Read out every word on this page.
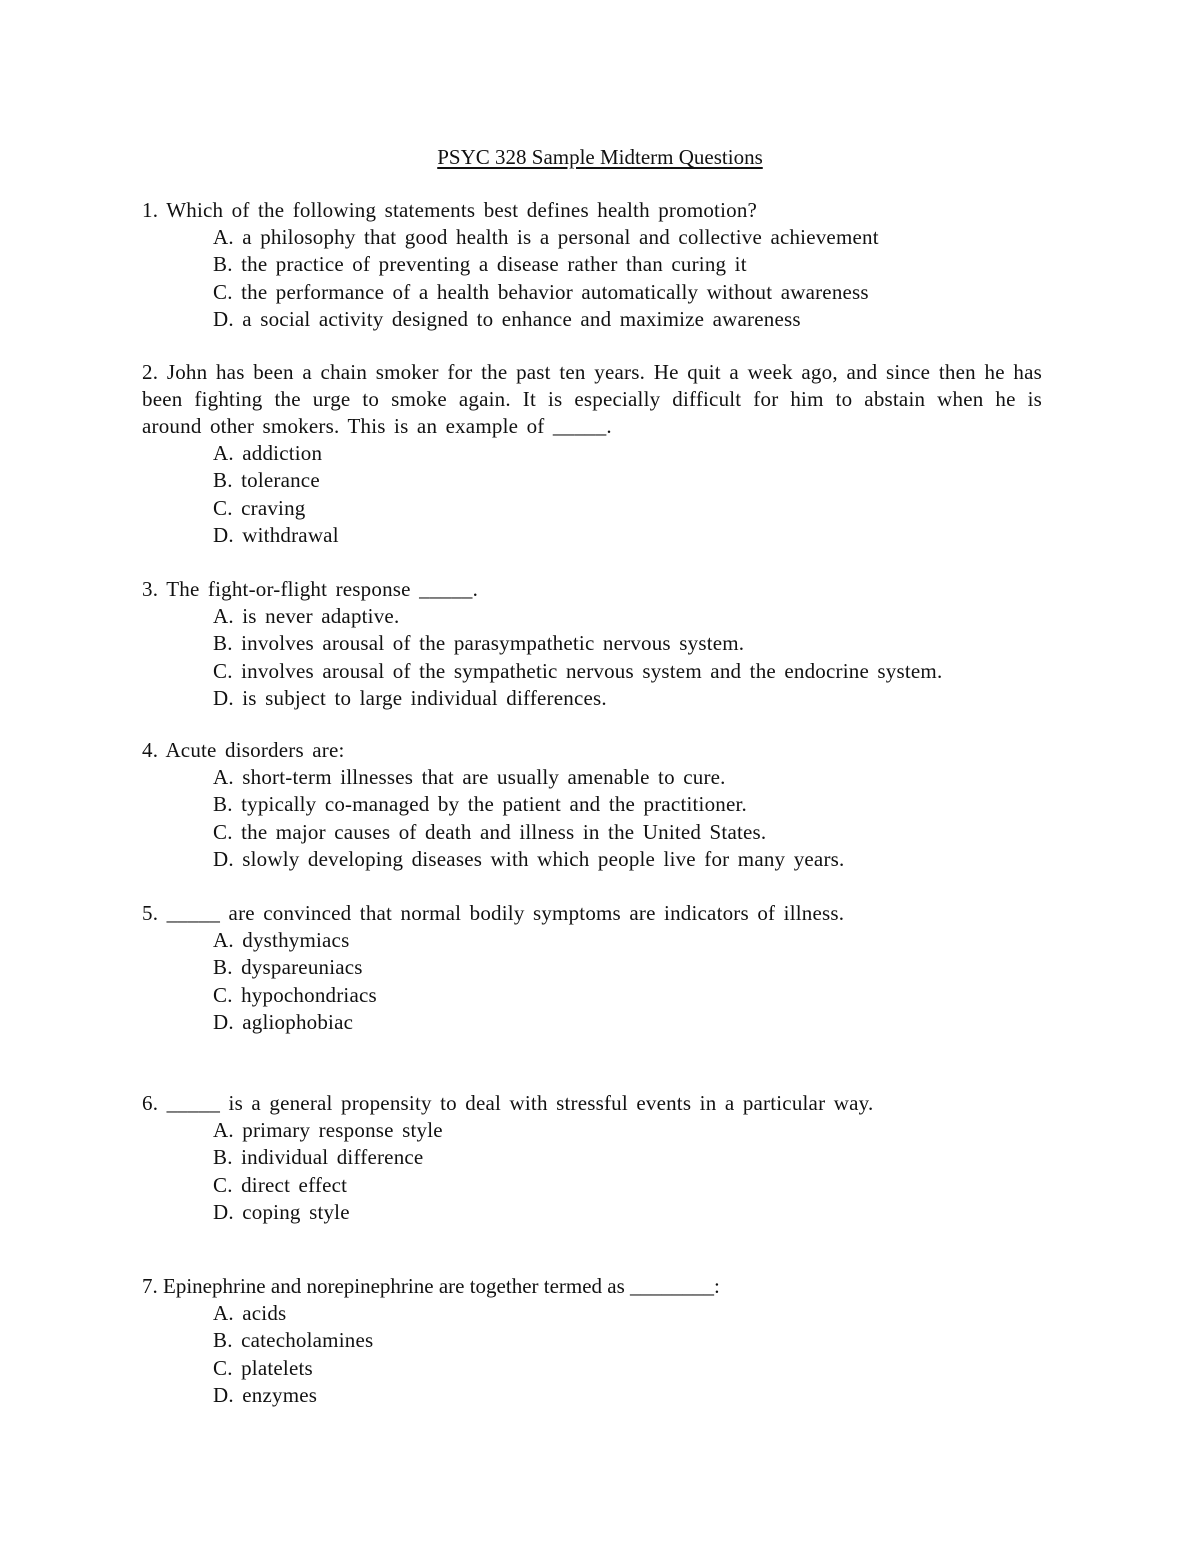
PSYC 328 Sample Midterm Questions
1. Which of the following statements best defines health promotion?
A. a philosophy that good health is a personal and collective achievement
B. the practice of preventing a disease rather than curing it
C. the performance of a health behavior automatically without awareness
D. a social activity designed to enhance and maximize awareness
2. John has been a chain smoker for the past ten years. He quit a week ago, and since then he has been fighting the urge to smoke again. It is especially difficult for him to abstain when he is around other smokers. This is an example of _____.
A. addiction
B. tolerance
C. craving
D. withdrawal
3. The fight-or-flight response _____.
A. is never adaptive.
B. involves arousal of the parasympathetic nervous system.
C. involves arousal of the sympathetic nervous system and the endocrine system.
D. is subject to large individual differences.
4. Acute disorders are:
A. short-term illnesses that are usually amenable to cure.
B. typically co-managed by the patient and the practitioner.
C. the major causes of death and illness in the United States.
D. slowly developing diseases with which people live for many years.
5. _____ are convinced that normal bodily symptoms are indicators of illness.
A. dysthymiacs
B. dyspareuniacs
C. hypochondriacs
D. agliophobiac
6. _____ is a general propensity to deal with stressful events in a particular way.
A. primary response style
B. individual difference
C. direct effect
D. coping style
7. Epinephrine and norepinephrine are together termed as ________:
A. acids
B. catecholamines
C. platelets
D. enzymes
